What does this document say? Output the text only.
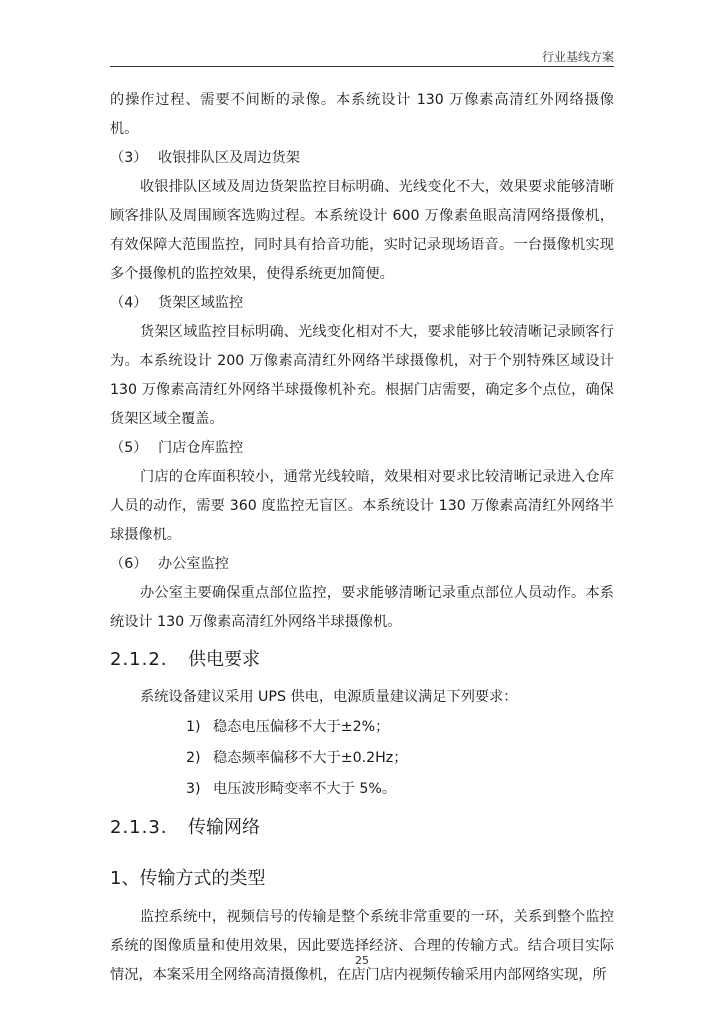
行业基线方案

的操作过程、需要不间断的录像。本系统设计 130 万像素高清红外网络摄像机。

（3） 收银排队区及周边货架

收银排队区域及周边货架监控目标明确、光线变化不大，效果要求能够清晰顾客排队及周围顾客选购过程。本系统设计 600 万像素鱼眼高清网络摄像机，有效保障大范围监控，同时具有拾音功能，实时记录现场语音。一台摄像机实现多个摄像机的监控效果，使得系统更加简便。

（4） 货架区域监控

货架区域监控目标明确、光线变化相对不大，要求能够比较清晰记录顾客行为。本系统设计 200 万像素高清红外网络半球摄像机，对于个别特殊区域设计 130 万像素高清红外网络半球摄像机补充。根据门店需要，确定多个点位，确保货架区域全覆盖。

（5） 门店仓库监控

门店的仓库面积较小，通常光线较暗，效果相对要求比较清晰记录进入仓库人员的动作，需要 360 度监控无盲区。本系统设计 130 万像素高清红外网络半球摄像机。

（6） 办公室监控

办公室主要确保重点部位监控，要求能够清晰记录重点部位人员动作。本系统设计 130 万像素高清红外网络半球摄像机。

2.1.2. 供电要求

系统设备建议采用 UPS 供电，电源质量建议满足下列要求：

1) 稳态电压偏移不大于±2%；
2) 稳态频率偏移不大于±0.2Hz；
3) 电压波形畸变率不大于 5%。
2.1.3. 传输网络
1、传输方式的类型

监控系统中，视频信号的传输是整个系统非常重要的一环，关系到整个监控系统的图像质量和使用效果，因此要选择经济、合理的传输方式。结合项目实际情况，本案采用全网络高清摄像机，在店门店内视频传输采用内部网络实现，所

25
